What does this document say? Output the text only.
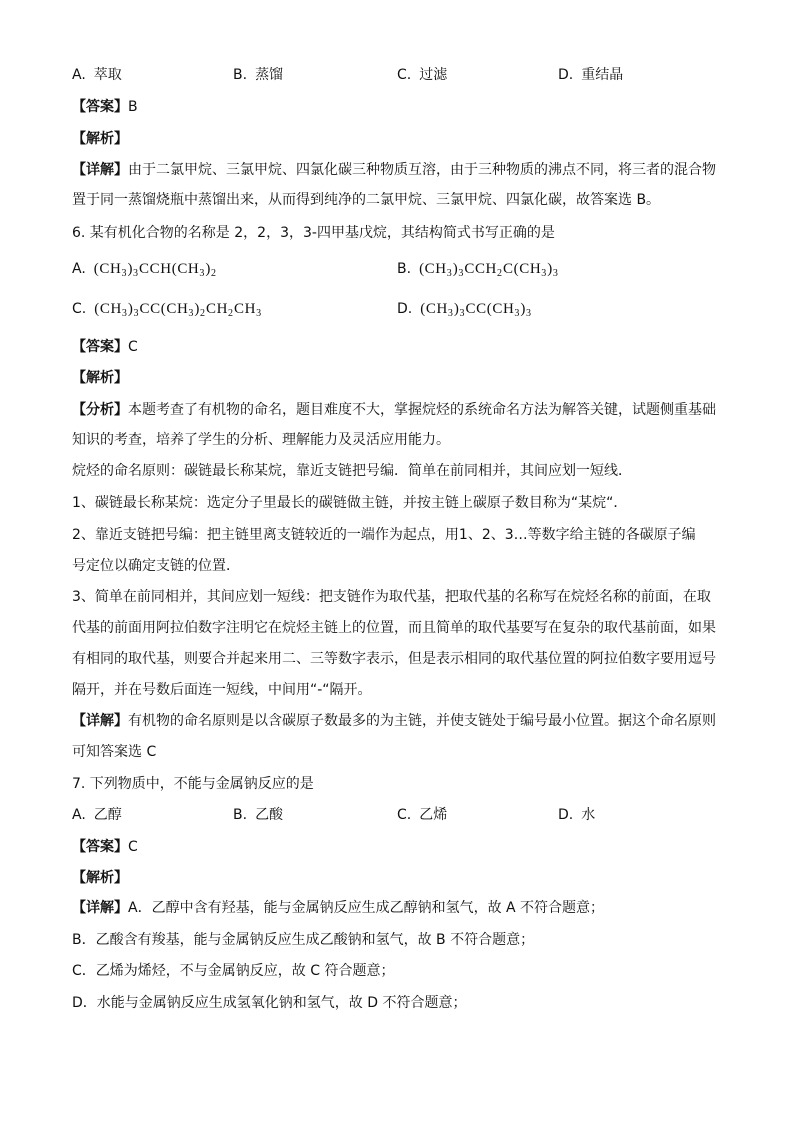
A. 萃取	B. 蒸馏	C. 过滤	D. 重结晶
【答案】B
【解析】
【详解】由于二氯甲烷、三氯甲烷、四氯化碳三种物质互溶，由于三种物质的沸点不同，将三者的混合物
置于同一蒸馏烧瓶中蒸馏出来，从而得到纯净的二氯甲烷、三氯甲烷、四氯化碳，故答案选 B。
6. 某有机化合物的名称是 2，2，3，3-四甲基戊烷，其结构简式书写正确的是
A. $(CH_3)_3CCH(CH_3)_2$	B. $(CH_3)_3CCH_2C(CH_3)_3$
C. $(CH_3)_3CC(CH_3)_2CH_2CH_3$	D. $(CH_3)_3CC(CH_3)_3$
【答案】C
【解析】
【分析】本题考查了有机物的命名，题目难度不大，掌握烷烃的系统命名方法为解答关键，试题侧重基础
知识的考查，培养了学生的分析、理解能力及灵活应用能力。
烷烃的命名原则：碳链最长称某烷，靠近支链把号编．简单在前同相并，其间应划一短线．
1、碳链最长称某烷：选定分子里最长的碳链做主链，并按主链上碳原子数目称为“某烷“．
2、靠近支链把号编：把主链里离支链较近的一端作为起点，用1、2、3…等数字给主链的各碳原子编
号定位以确定支链的位置．
3、简单在前同相并，其间应划一短线：把支链作为取代基，把取代基的名称写在烷烃名称的前面，在取
代基的前面用阿拉伯数字注明它在烷烃主链上的位置，而且简单的取代基要写在复杂的取代基前面，如果
有相同的取代基，则要合并起来用二、三等数字表示，但是表示相同的取代基位置的阿拉伯数字要用逗号
隔开，并在号数后面连一短线，中间用“-“隔开。
【详解】有机物的命名原则是以含碳原子数最多的为主链，并使支链处于编号最小位置。据这个命名原则
可知答案选 C
7. 下列物质中，不能与金属钠反应的是
A. 乙醇	B. 乙酸	C. 乙烯	D. 水
【答案】C
【解析】
【详解】A．乙醇中含有羟基，能与金属钠反应生成乙醇钠和氢气，故 A 不符合题意；
B．乙酸含有羧基，能与金属钠反应生成乙酸钠和氢气，故 B 不符合题意；
C．乙烯为烯烃，不与金属钠反应，故 C 符合题意；
D．水能与金属钠反应生成氢氧化钠和氢气，故 D 不符合题意；
